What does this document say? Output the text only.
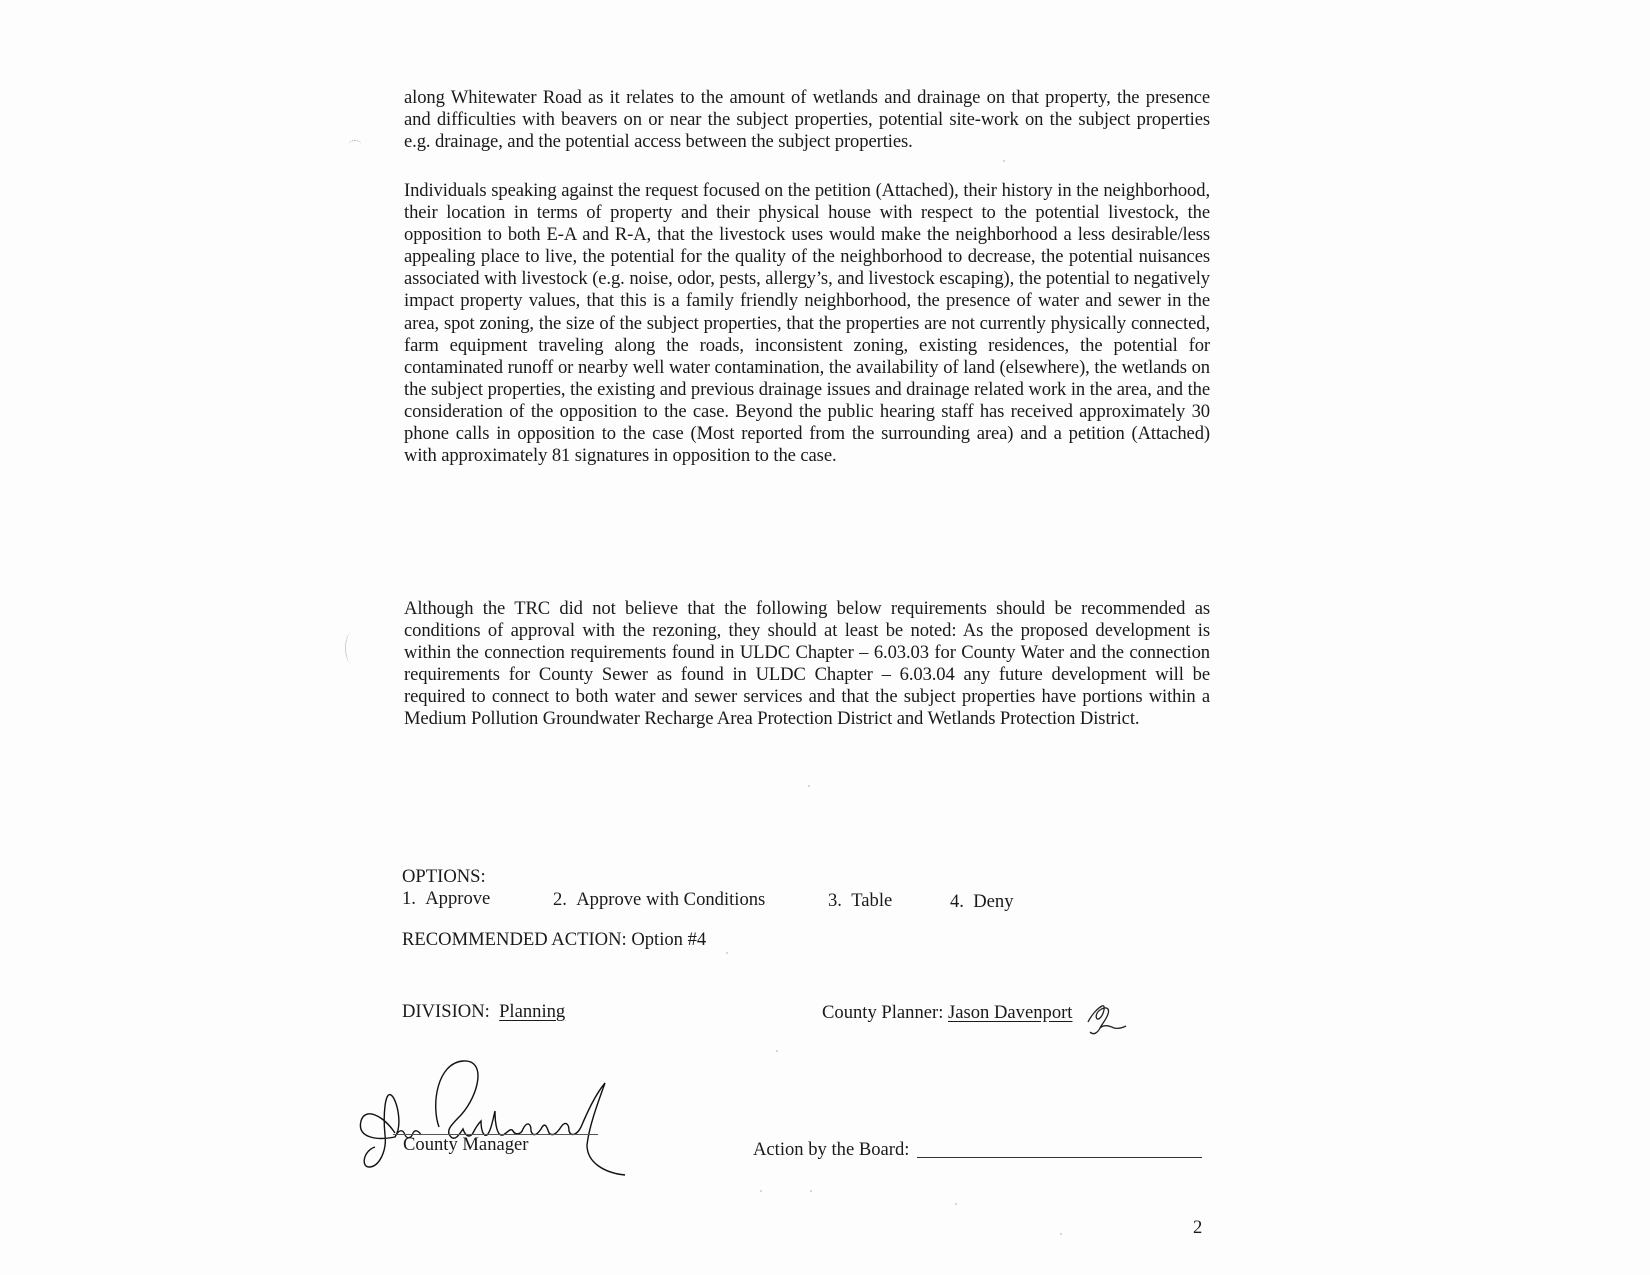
along Whitewater Road as it relates to the amount of wetlands and drainage on that property, the presence and difficulties with beavers on or near the subject properties, potential site-work on the subject properties e.g. drainage, and the potential access between the subject properties.
Individuals speaking against the request focused on the petition (Attached), their history in the neighborhood, their location in terms of property and their physical house with respect to the potential livestock, the opposition to both E-A and R-A, that the livestock uses would make the neighborhood a less desirable/less appealing place to live, the potential for the quality of the neighborhood to decrease, the potential nuisances associated with livestock (e.g. noise, odor, pests, allergy’s, and livestock escaping), the potential to negatively impact property values, that this is a family friendly neighborhood, the presence of water and sewer in the area, spot zoning, the size of the subject properties, that the properties are not currently physically connected, farm equipment traveling along the roads, inconsistent zoning, existing residences, the potential for contaminated runoff or nearby well water contamination, the availability of land (elsewhere), the wetlands on the subject properties, the existing and previous drainage issues and drainage related work in the area, and the consideration of the opposition to the case. Beyond the public hearing staff has received approximately 30 phone calls in opposition to the case (Most reported from the surrounding area) and a petition (Attached) with approximately 81 signatures in opposition to the case.
Although the TRC did not believe that the following below requirements should be recommended as conditions of approval with the rezoning, they should at least be noted: As the proposed development is within the connection requirements found in ULDC Chapter – 6.03.03 for County Water and the connection requirements for County Sewer as found in ULDC Chapter – 6.03.04 any future development will be required to connect to both water and sewer services and that the subject properties have portions within a Medium Pollution Groundwater Recharge Area Protection District and Wetlands Protection District.
OPTIONS:
1. Approve	2. Approve with Conditions	3. Table	4. Deny
RECOMMENDED ACTION: Option #4
DIVISION: Planning	County Planner: Jason Davenport
County Manager	Action by the Board:
2
